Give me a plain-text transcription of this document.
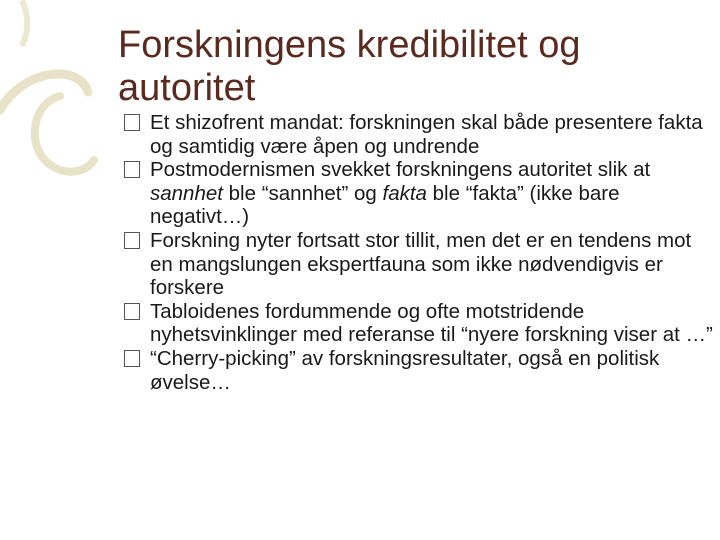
Forskningens kredibilitet og autoritet
Et shizofrent mandat: forskningen skal både presentere fakta og samtidig være åpen og undrende
Postmodernismen svekket forskningens autoritet slik at sannhet ble “sannhet” og fakta ble “fakta” (ikke bare negativt…)
Forskning nyter fortsatt stor tillit, men det er en tendens mot en mangslungen ekspertfauna som ikke nødvendigvis er forskere
Tabloidenes fordummende og ofte motstridende nyhetsvinklinger med referanse til “nyere forskning viser at …”
“Cherry-picking” av forskningsresultater, også en politisk øvelse…
